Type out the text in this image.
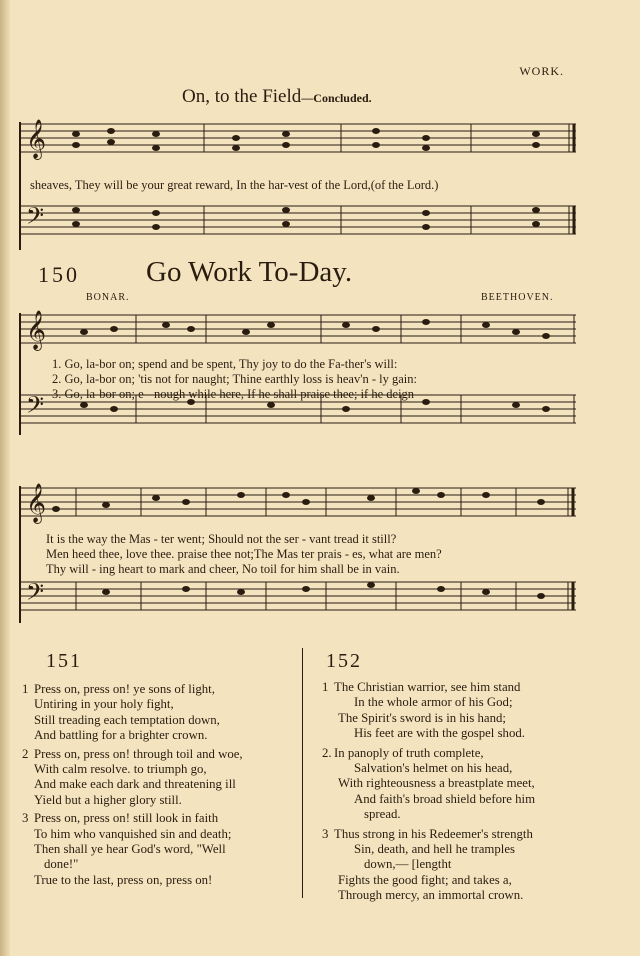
WORK.
On, to the Field—Concluded.
𝄞
𝄢
sheaves, They will be your great reward, In the har-vest of the Lord,(of the Lord.)
150 Go Work To-Day.
BONAR.	BEETHOVEN.
𝄞
𝄢
1. Go, la-bor on; spend and be spent, Thy joy to do the Fa-ther's will:
2. Go, la-bor on; 'tis not for naught; Thine earthly loss is heav'n - ly gain:
3. Go, la-bor on; e - nough while here, If he shall praise thee; if he deign
𝄞
𝄢
It is the way the Mas - ter went; Should not the ser - vant tread it still?
Men heed thee, love thee. praise thee not;The Mas ter prais - es, what are men?
Thy will - ing heart to mark and cheer, No toil for him shall be in vain.
151
1 Press on, press on! ye sons of light,
Untiring in your holy fight,
Still treading each temptation down,
And battling for a brighter crown.
2 Press on, press on! through toil and woe,
With calm resolve. to triumph go,
And make each dark and threatening ill
Yield but a higher glory still.
3 Press on, press on! still look in faith
To him who vanquished sin and death;
Then shall ye hear God's word, "Well
done!"
True to the last, press on, press on!
152
1 The Christian warrior, see him stand
In the whole armor of his God;
The Spirit's sword is in his hand;
His feet are with the gospel shod.
2. In panoply of truth complete,
Salvation's helmet on his head,
With righteousness a breastplate meet,
And faith's broad shield before him
spread.
3 Thus strong in his Redeemer's strength
Sin, death, and hell he tramples
down,— [lengtht
Fights the good fight; and takes a,
Through mercy, an immortal crown.
